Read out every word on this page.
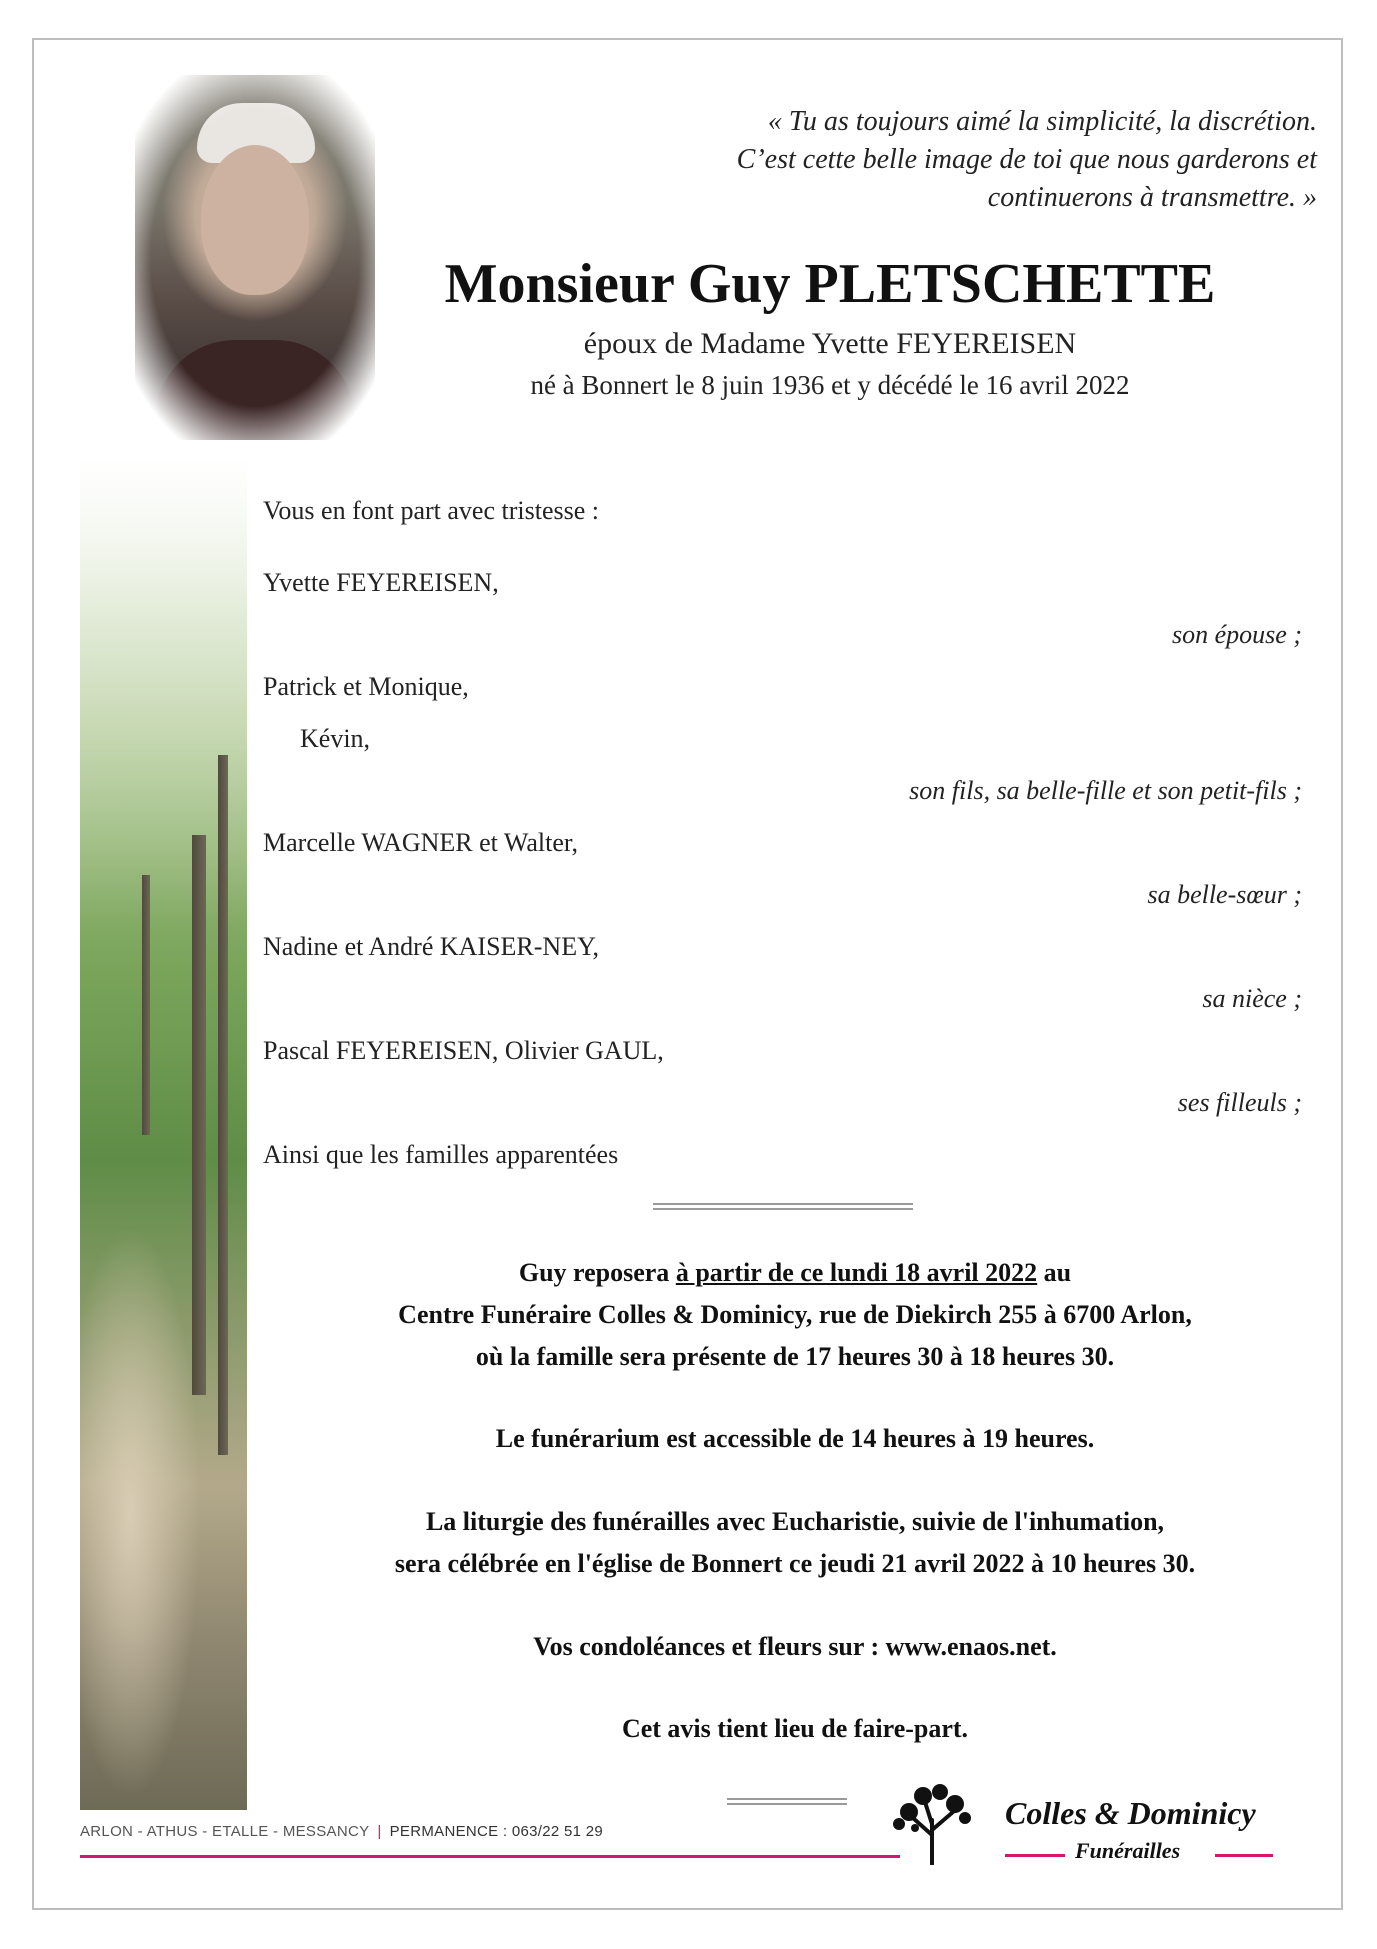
« Tu as toujours aimé la simplicité, la discrétion.
C’est cette belle image de toi que nous garderons et
continuerons à transmettre. »
Monsieur Guy PLETSCHETTE
époux de Madame Yvette FEYEREISEN
né à Bonnert le 8 juin 1936 et y décédé le 16 avril 2022
Vous en font part avec tristesse :
Yvette FEYEREISEN,
son épouse ;
Patrick et Monique,
Kévin,
son fils, sa belle-fille et son petit-fils ;
Marcelle WAGNER et Walter,
sa belle-sœur ;
Nadine et André KAISER-NEY,
sa nièce ;
Pascal FEYEREISEN, Olivier GAUL,
ses filleuls ;
Ainsi que les familles apparentées
Guy reposera à partir de ce lundi 18 avril 2022 au
Centre Funéraire Colles & Dominicy, rue de Diekirch 255 à 6700 Arlon,
où la famille sera présente de 17 heures 30 à 18 heures 30.
Le funérarium est accessible de 14 heures à 19 heures.
La liturgie des funérailles avec Eucharistie, suivie de l'inhumation,
sera célébrée en l'église de Bonnert ce jeudi 21 avril 2022 à 10 heures 30.
Vos condoléances et fleurs sur : www.enaos.net.
Cet avis tient lieu de faire-part.
ARLON - ATHUS - ETALLE - MESSANCY | PERMANENCE : 063/22 51 29
Colles & Dominicy
Funérailles
